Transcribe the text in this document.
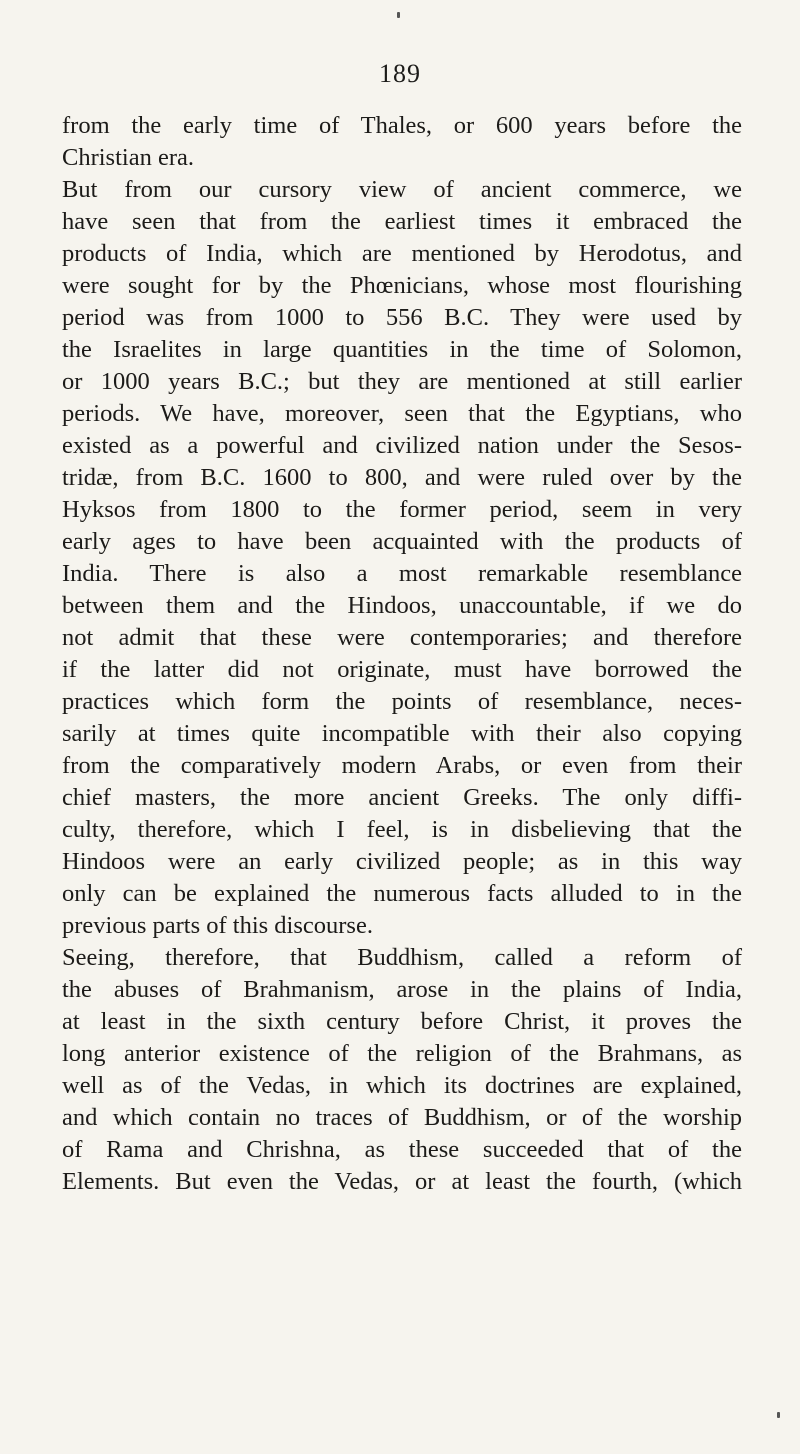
189
from the early time of Thales, or 600 years before the
Christian era.
But from our cursory view of ancient commerce, we
have seen that from the earliest times it embraced the
products of India, which are mentioned by Herodotus, and
were sought for by the Phœnicians, whose most flourishing
period was from 1000 to 556 B.C. They were used by
the Israelites in large quantities in the time of Solomon,
or 1000 years B.C.; but they are mentioned at still earlier
periods. We have, moreover, seen that the Egyptians, who
existed as a powerful and civilized nation under the Sesos-
tridæ, from B.C. 1600 to 800, and were ruled over by the
Hyksos from 1800 to the former period, seem in very
early ages to have been acquainted with the products of
India. There is also a most remarkable resemblance
between them and the Hindoos, unaccountable, if we do
not admit that these were contemporaries; and therefore
if the latter did not originate, must have borrowed the
practices which form the points of resemblance, neces-
sarily at times quite incompatible with their also copying
from the comparatively modern Arabs, or even from their
chief masters, the more ancient Greeks. The only diffi-
culty, therefore, which I feel, is in disbelieving that the
Hindoos were an early civilized people; as in this way
only can be explained the numerous facts alluded to in the
previous parts of this discourse.
Seeing, therefore, that Buddhism, called a reform of
the abuses of Brahmanism, arose in the plains of India,
at least in the sixth century before Christ, it proves the
long anterior existence of the religion of the Brahmans, as
well as of the Vedas, in which its doctrines are explained,
and which contain no traces of Buddhism, or of the worship
of Rama and Chrishna, as these succeeded that of the
Elements. But even the Vedas, or at least the fourth, (which
